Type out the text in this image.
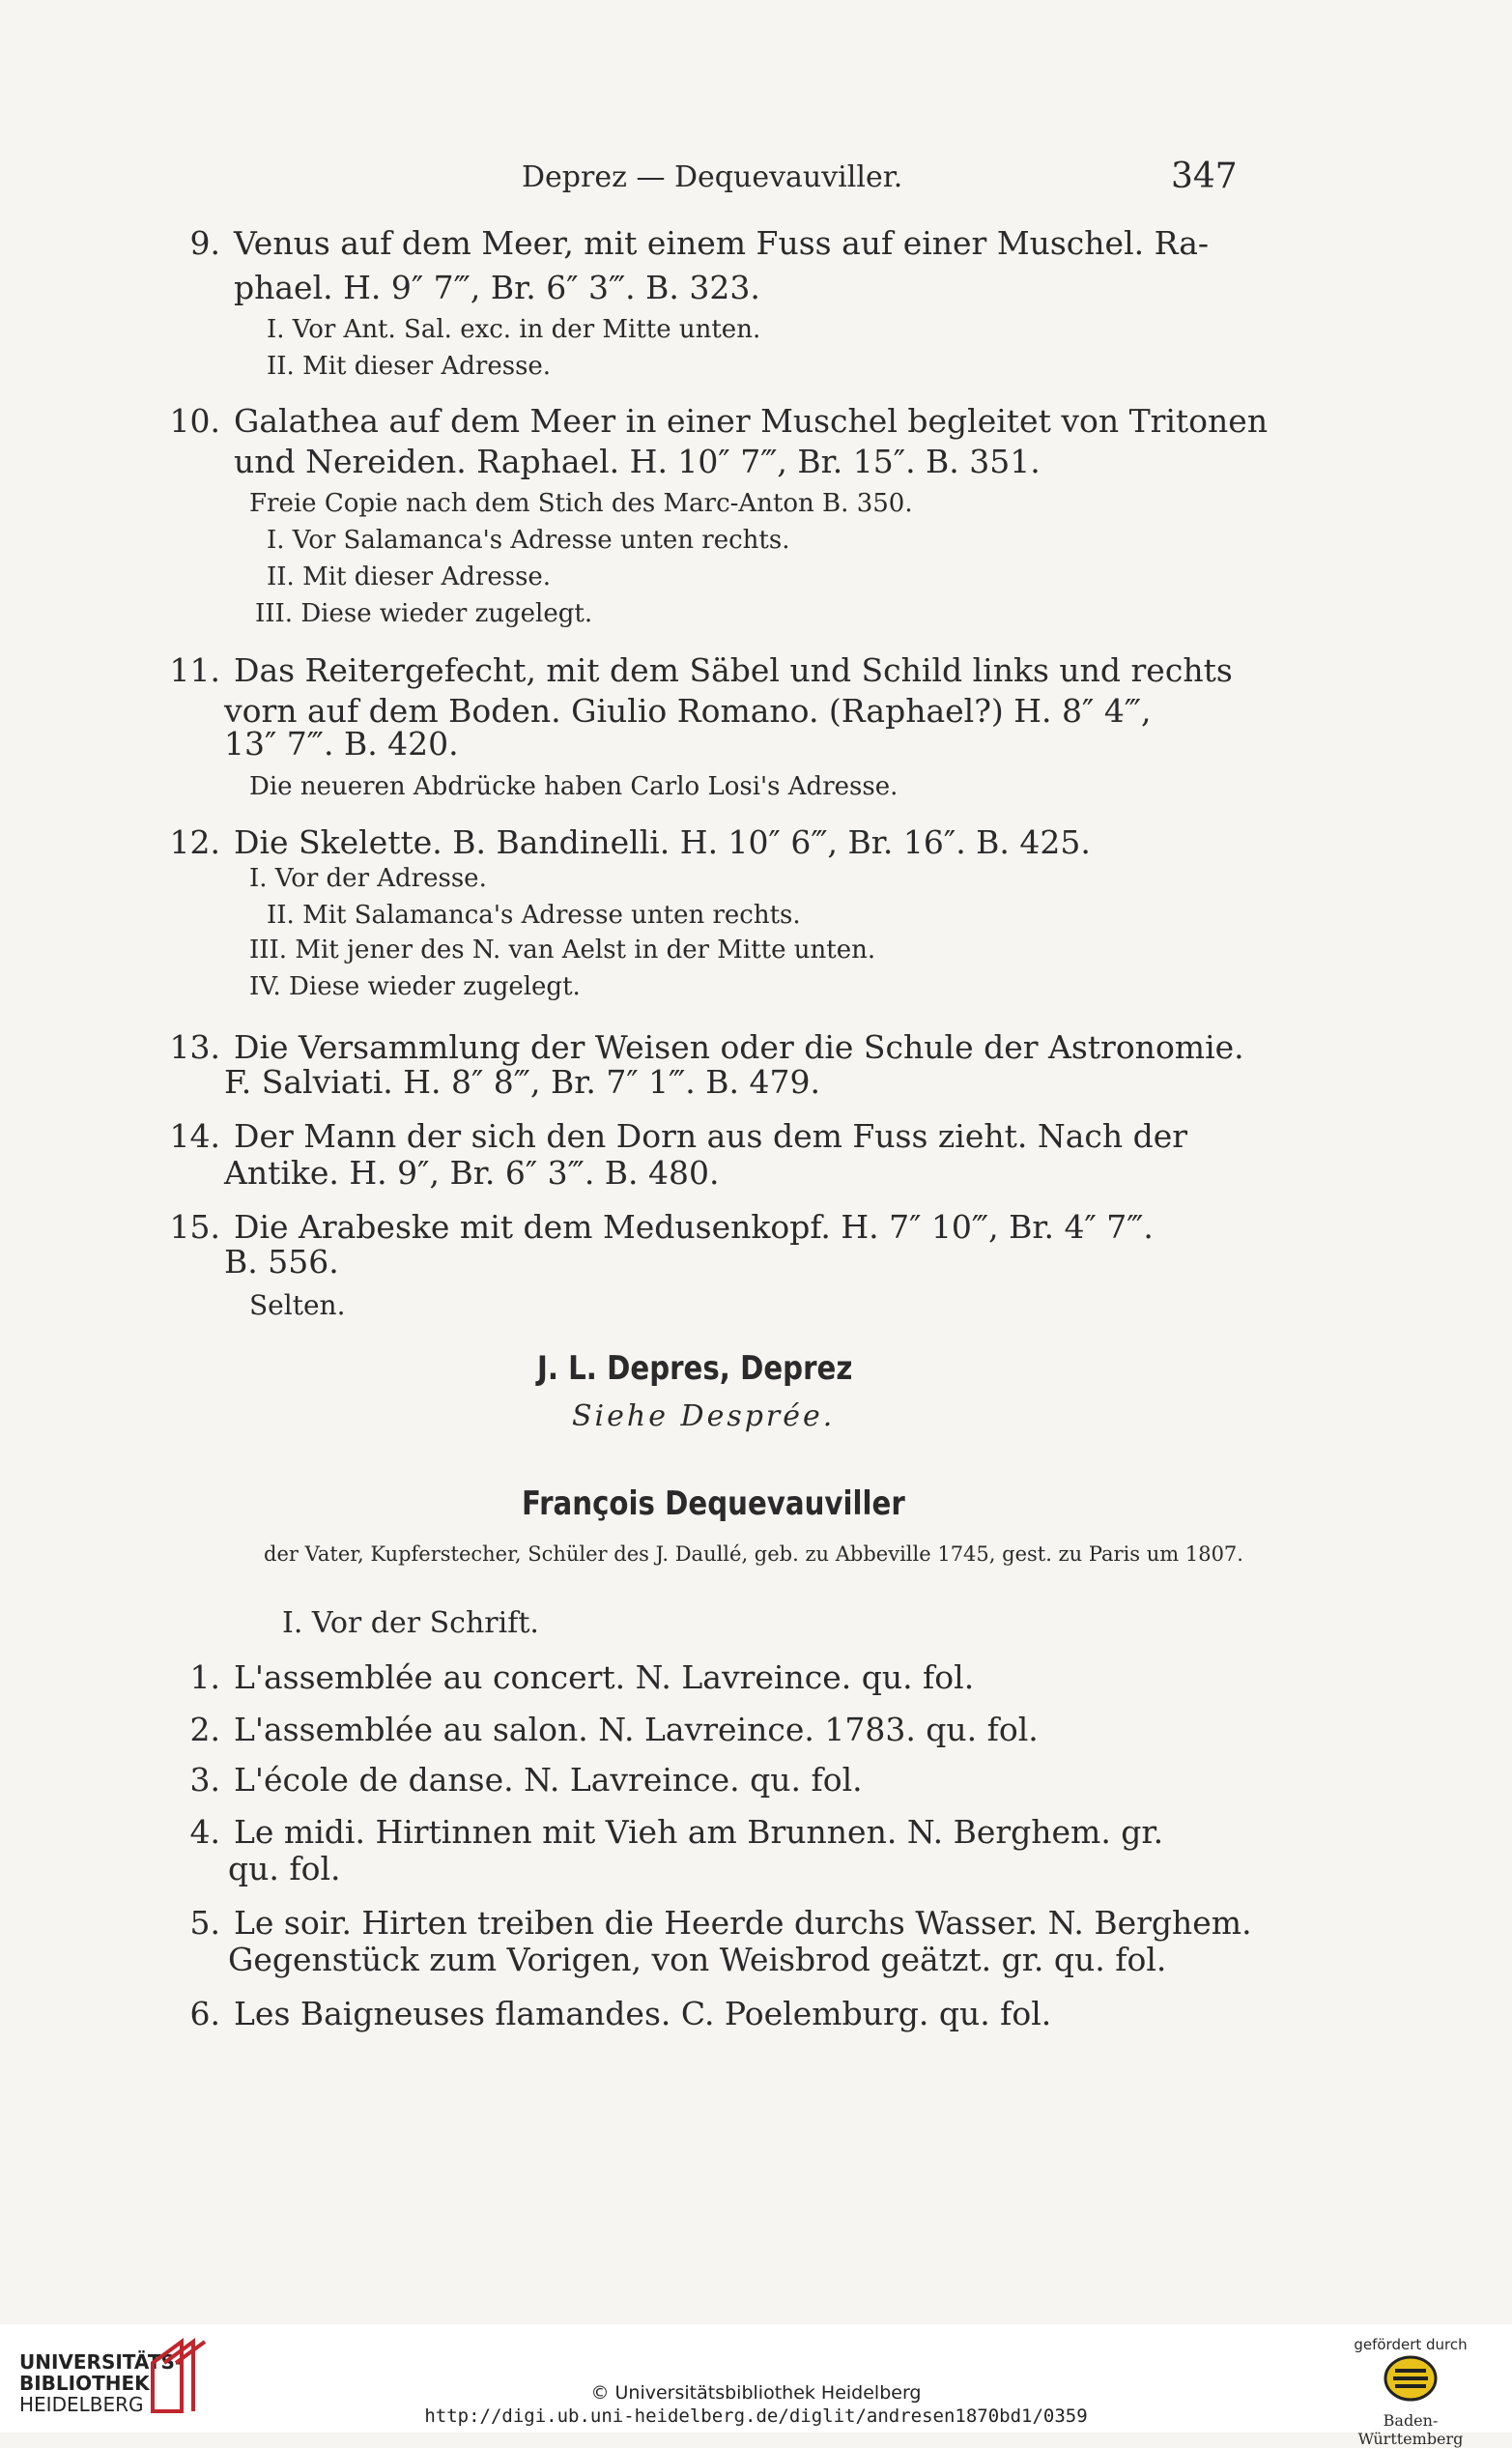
Deprez — Dequevauviller.	347
9. Venus auf dem Meer, mit einem Fuss auf einer Muschel. Ra-
phael. H. 9″ 7‴, Br. 6″ 3‴. B. 323.
I. Vor Ant. Sal. exc. in der Mitte unten.
II. Mit dieser Adresse.
10. Galathea auf dem Meer in einer Muschel begleitet von Tritonen
und Nereiden. Raphael. H. 10″ 7‴, Br. 15″. B. 351.
Freie Copie nach dem Stich des Marc-Anton B. 350.
I. Vor Salamanca's Adresse unten rechts.
II. Mit dieser Adresse.
III. Diese wieder zugelegt.
11. Das Reitergefecht, mit dem Säbel und Schild links und rechts
vorn auf dem Boden. Giulio Romano. (Raphael?) H. 8″ 4‴,
13″ 7‴. B. 420.
Die neueren Abdrücke haben Carlo Losi's Adresse.
12. Die Skelette. B. Bandinelli. H. 10″ 6‴, Br. 16″. B. 425.
I. Vor der Adresse.
II. Mit Salamanca's Adresse unten rechts.
III. Mit jener des N. van Aelst in der Mitte unten.
IV. Diese wieder zugelegt.
13. Die Versammlung der Weisen oder die Schule der Astronomie.
F. Salviati. H. 8″ 8‴, Br. 7″ 1‴. B. 479.
14. Der Mann der sich den Dorn aus dem Fuss zieht. Nach der
Antike. H. 9″, Br. 6″ 3‴. B. 480.
15. Die Arabeske mit dem Medusenkopf. H. 7″ 10‴, Br. 4″ 7‴.
B. 556.
Selten.
J. L. Depres, Deprez
Siehe Desprée.
François Dequevauviller
der Vater, Kupferstecher, Schüler des J. Daullé, geb. zu Abbeville 1745, gest. zu Paris um 1807.
I. Vor der Schrift.
1. L'assemblée au concert. N. Lavreince. qu. fol.
2. L'assemblée au salon. N. Lavreince. 1783. qu. fol.
3. L'école de danse. N. Lavreince. qu. fol.
4. Le midi. Hirtinnen mit Vieh am Brunnen. N. Berghem. gr.
qu. fol.
5. Le soir. Hirten treiben die Heerde durchs Wasser. N. Berghem.
Gegenstück zum Vorigen, von Weisbrod geätzt. gr. qu. fol.
6. Les Baigneuses flamandes. C. Poelemburg. qu. fol.
UNIVERSITÄTS-
BIBLIOTHEK
HEIDELBERG	© Universitätsbibliothek Heidelberg
http://digi.ub.uni-heidelberg.de/diglit/andresen1870bd1/0359
gefördert durch
Baden-Württemberg
